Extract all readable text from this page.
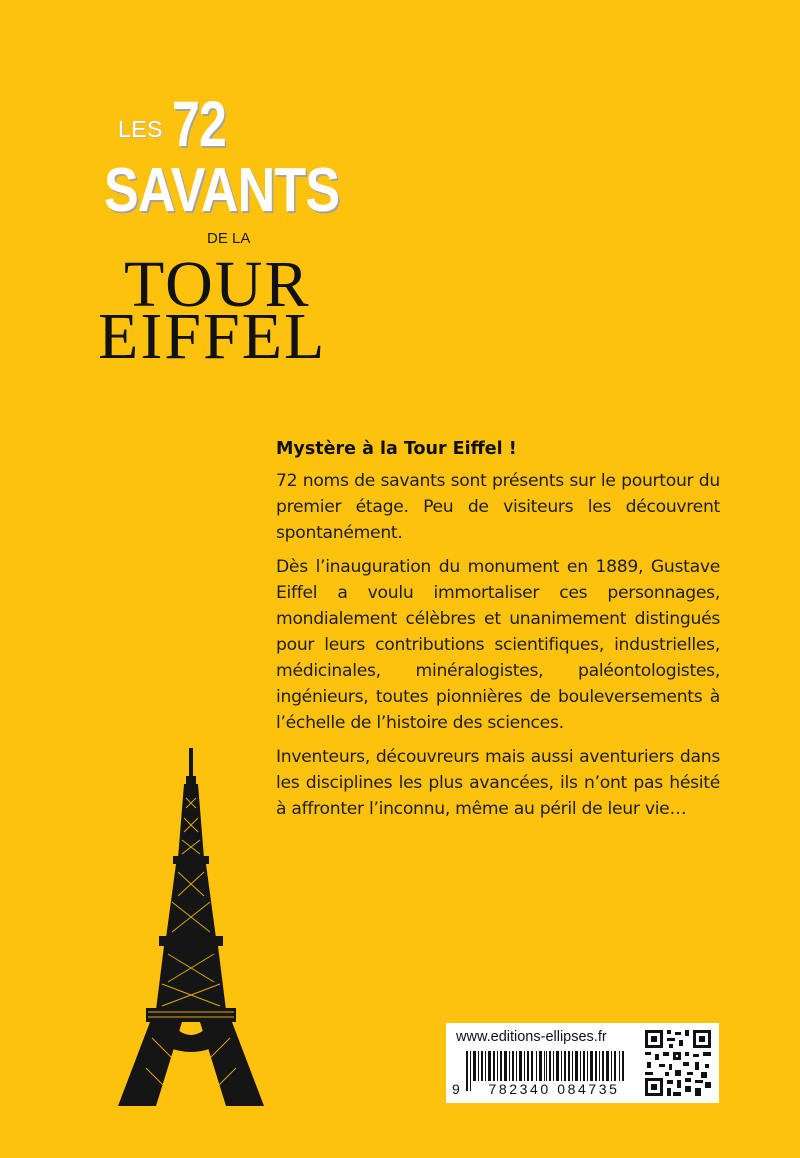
LES 72
SAVANTS
DE LA
TOUR
EIFFEL
Mystère à la Tour Eiffel !

72 noms de savants sont présents sur le pourtour du premier étage. Peu de visiteurs les découvrent spontanément.

Dès l’inauguration du monument en 1889, Gustave Eiffel a voulu immortaliser ces personnages, mondialement célèbres et unanimement distingués pour leurs contributions scientifiques, industrielles, médicinales, minéralogistes, paléontologistes, ingénieurs, toutes pionnières de bouleversements à l’échelle de l’histoire des sciences.

Inventeurs, découvreurs mais aussi aventuriers dans les disciplines les plus avancées, ils n’ont pas hésité à affronter l’inconnu, même au péril de leur vie…

www.editions-ellipses.fr
9	782340 084735
